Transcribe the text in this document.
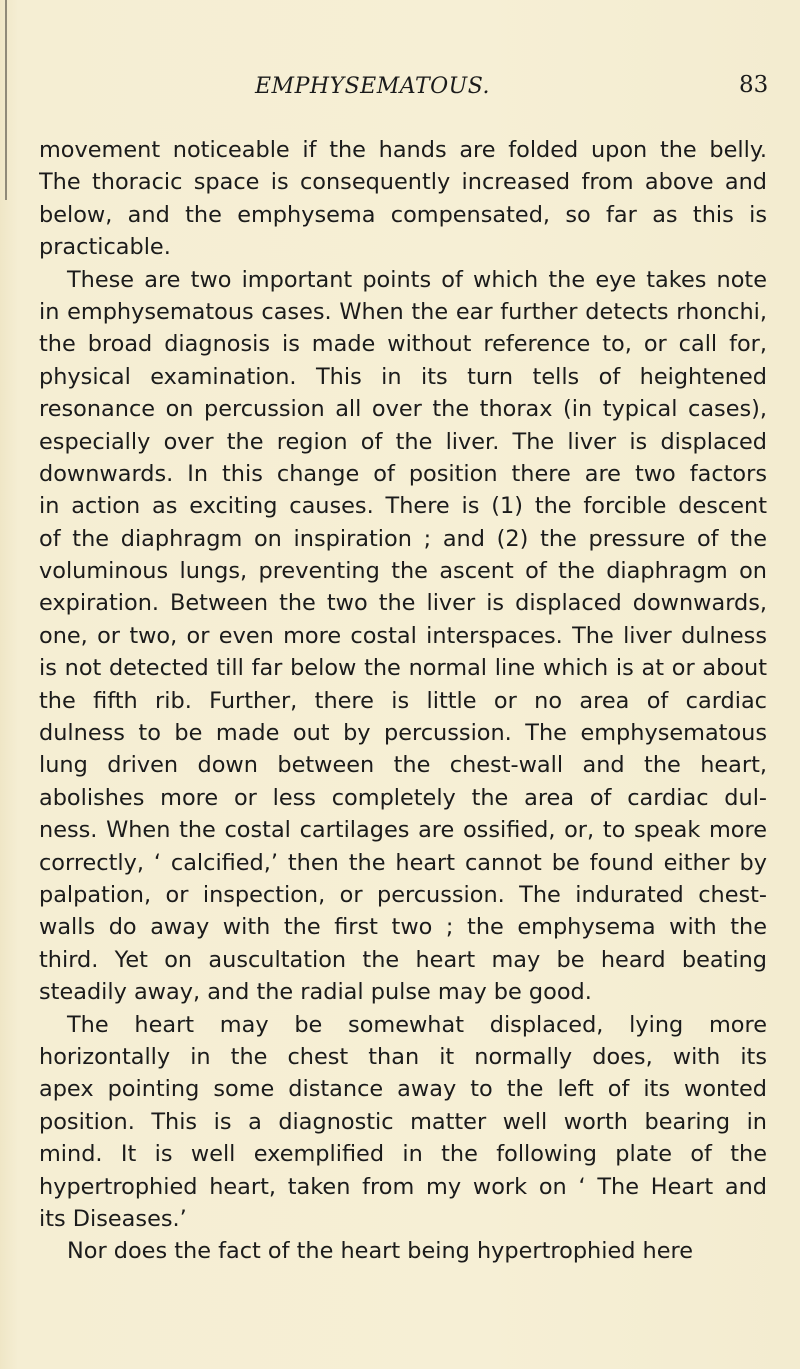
EMPHYSEMATOUS.	83
movement noticeable if the hands are folded upon the belly.
The thoracic space is consequently increased from above and
below, and the emphysema compensated, so far as this is
practicable.
These are two important points of which the eye takes note
in emphysematous cases. When the ear further detects rhonchi,
the broad diagnosis is made without reference to, or call for,
physical examination. This in its turn tells of heightened
resonance on percussion all over the thorax (in typical cases),
especially over the region of the liver. The liver is displaced
downwards. In this change of position there are two factors
in action as exciting causes. There is (1) the forcible descent
of the diaphragm on inspiration ; and (2) the pressure of the
voluminous lungs, preventing the ascent of the diaphragm on
expiration. Between the two the liver is displaced downwards,
one, or two, or even more costal interspaces. The liver dulness
is not detected till far below the normal line which is at or about
the fifth rib. Further, there is little or no area of cardiac
dulness to be made out by percussion. The emphysematous
lung driven down between the chest-wall and the heart,
abolishes more or less completely the area of cardiac dul-
ness. When the costal cartilages are ossified, or, to speak more
correctly, ‘ calcified,’ then the heart cannot be found either by
palpation, or inspection, or percussion. The indurated chest-
walls do away with the first two ; the emphysema with the
third. Yet on auscultation the heart may be heard beating
steadily away, and the radial pulse may be good.
The heart may be somewhat displaced, lying more
horizontally in the chest than it normally does, with its
apex pointing some distance away to the left of its wonted
position. This is a diagnostic matter well worth bearing in
mind. It is well exemplified in the following plate of the
hypertrophied heart, taken from my work on ‘ The Heart and
its Diseases.’
Nor does the fact of the heart being hypertrophied here
